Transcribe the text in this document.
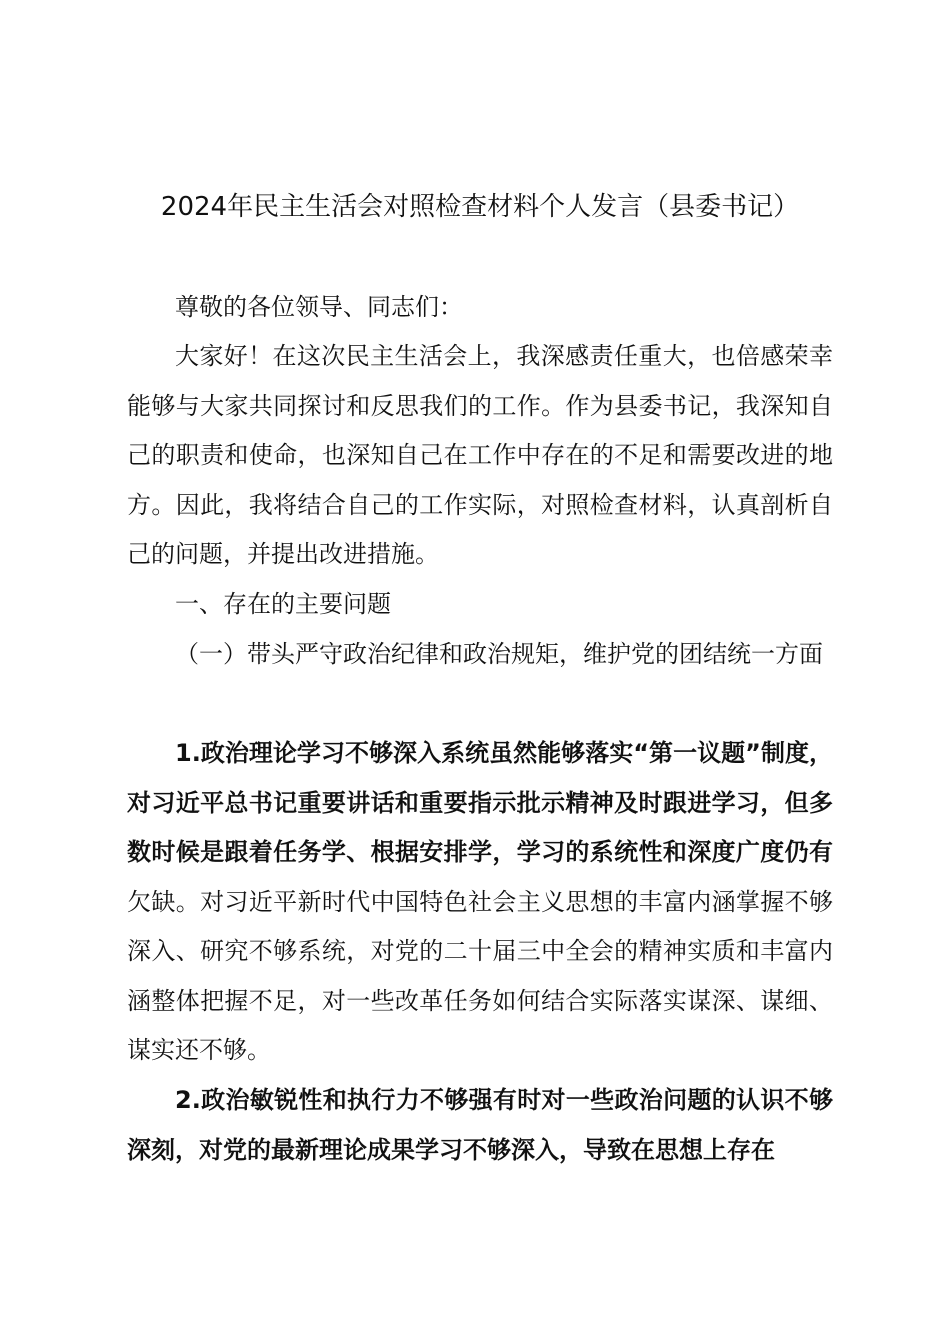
2024年民主生活会对照检查材料个人发言（县委书记）

尊敬的各位领导、同志们：

大家好！在这次民主生活会上，我深感责任重大，也倍感荣幸能够与大家共同探讨和反思我们的工作。作为县委书记，我深知自己的职责和使命，也深知自己在工作中存在的不足和需要改进的地方。因此，我将结合自己的工作实际，对照检查材料，认真剖析自己的问题，并提出改进措施。

一、存在的主要问题

（一）带头严守政治纪律和政治规矩，维护党的团结统一方面

1.政治理论学习不够深入系统虽然能够落实“第一议题”制度，对习近平总书记重要讲话和重要指示批示精神及时跟进学习，但多数时候是跟着任务学、根据安排学，学习的系统性和深度广度仍有欠缺。对习近平新时代中国特色社会主义思想的丰富内涵掌握不够深入、研究不够系统，对党的二十届三中全会的精神实质和丰富内涵整体把握不足，对一些改革任务如何结合实际落实谋深、谋细、谋实还不够。

2.政治敏锐性和执行力不够强有时对一些政治问题的认识不够深刻，对党的最新理论成果学习不够深入，导致在思想上存在
